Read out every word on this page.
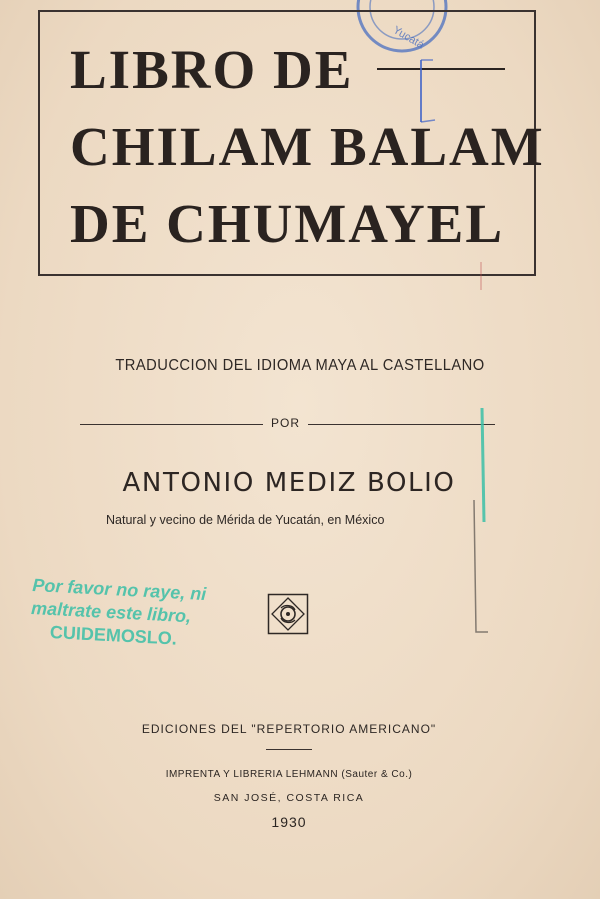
Yucatá
LIBRO DE
CHILAM BALAM
DE CHUMAYEL
TRADUCCION DEL IDIOMA MAYA AL CASTELLANO
POR
ANTONIO MEDIZ BOLIO
Natural y vecino de Mérida de Yucatán, en México
Por favor no raye, ni
maltrate este libro,
CUIDEMOSLO.
EDICIONES DEL "REPERTORIO AMERICANO"
IMPRENTA Y LIBRERIA LEHMANN (Sauter & Co.)
SAN JOSÉ, COSTA RICA
1930
